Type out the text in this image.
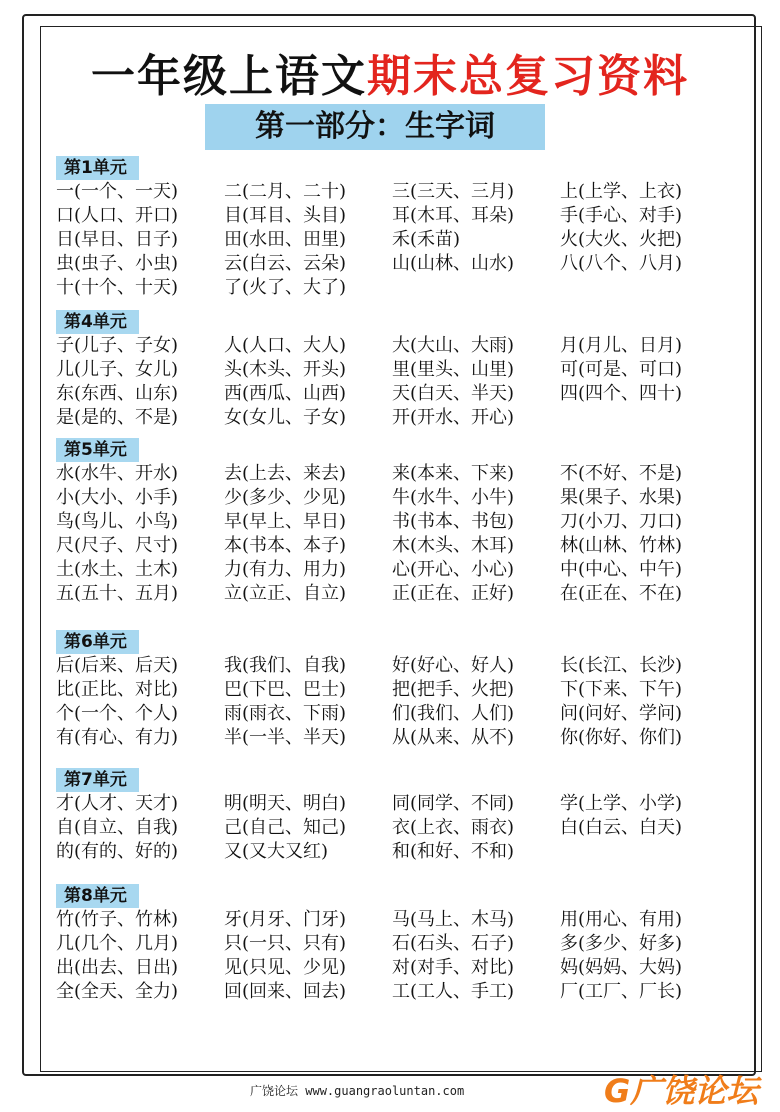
一年级上语文期末总复习资料
第一部分：生字词
第1单元
一(一个、一天)	二(二月、二十)	三(三天、三月)	上(上学、上衣)
口(人口、开口)	目(耳目、头目)	耳(木耳、耳朵)	手(手心、对手)
日(早日、日子)	田(水田、田里)	禾(禾苗)	火(大火、火把)
虫(虫子、小虫)	云(白云、云朵)	山(山林、山水)	八(八个、八月)
十(十个、十天)	了(火了、大了)
第4单元
子(儿子、子女)	人(人口、大人)	大(大山、大雨)	月(月儿、日月)
儿(儿子、女儿)	头(木头、开头)	里(里头、山里)	可(可是、可口)
东(东西、山东)	西(西瓜、山西)	天(白天、半天)	四(四个、四十)
是(是的、不是)	女(女儿、子女)	开(开水、开心)
第5单元
水(水牛、开水)	去(上去、来去)	来(本来、下来)	不(不好、不是)
小(大小、小手)	少(多少、少见)	牛(水牛、小牛)	果(果子、水果)
鸟(鸟儿、小鸟)	早(早上、早日)	书(书本、书包)	刀(小刀、刀口)
尺(尺子、尺寸)	本(书本、本子)	木(木头、木耳)	林(山林、竹林)
土(水土、土木)	力(有力、用力)	心(开心、小心)	中(中心、中午)
五(五十、五月)	立(立正、自立)	正(正在、正好)	在(正在、不在)
第6单元
后(后来、后天)	我(我们、自我)	好(好心、好人)	长(长江、长沙)
比(正比、对比)	巴(下巴、巴士)	把(把手、火把)	下(下来、下午)
个(一个、个人)	雨(雨衣、下雨)	们(我们、人们)	问(问好、学问)
有(有心、有力)	半(一半、半天)	从(从来、从不)	你(你好、你们)
第7单元
才(人才、天才)	明(明天、明白)	同(同学、不同)	学(上学、小学)
自(自立、自我)	己(自己、知己)	衣(上衣、雨衣)	白(白云、白天)
的(有的、好的)	又(又大又红)	和(和好、不和)
第8单元
竹(竹子、竹林)	牙(月牙、门牙)	马(马上、木马)	用(用心、有用)
几(几个、几月)	只(一只、只有)	石(石头、石子)	多(多少、好多)
出(出去、日出)	见(只见、少见)	对(对手、对比)	妈(妈妈、大妈)
全(全天、全力)	回(回来、回去)	工(工人、手工)	厂(工厂、厂长)
广饶论坛 www.guangraoluntan.com	G广饶论坛
